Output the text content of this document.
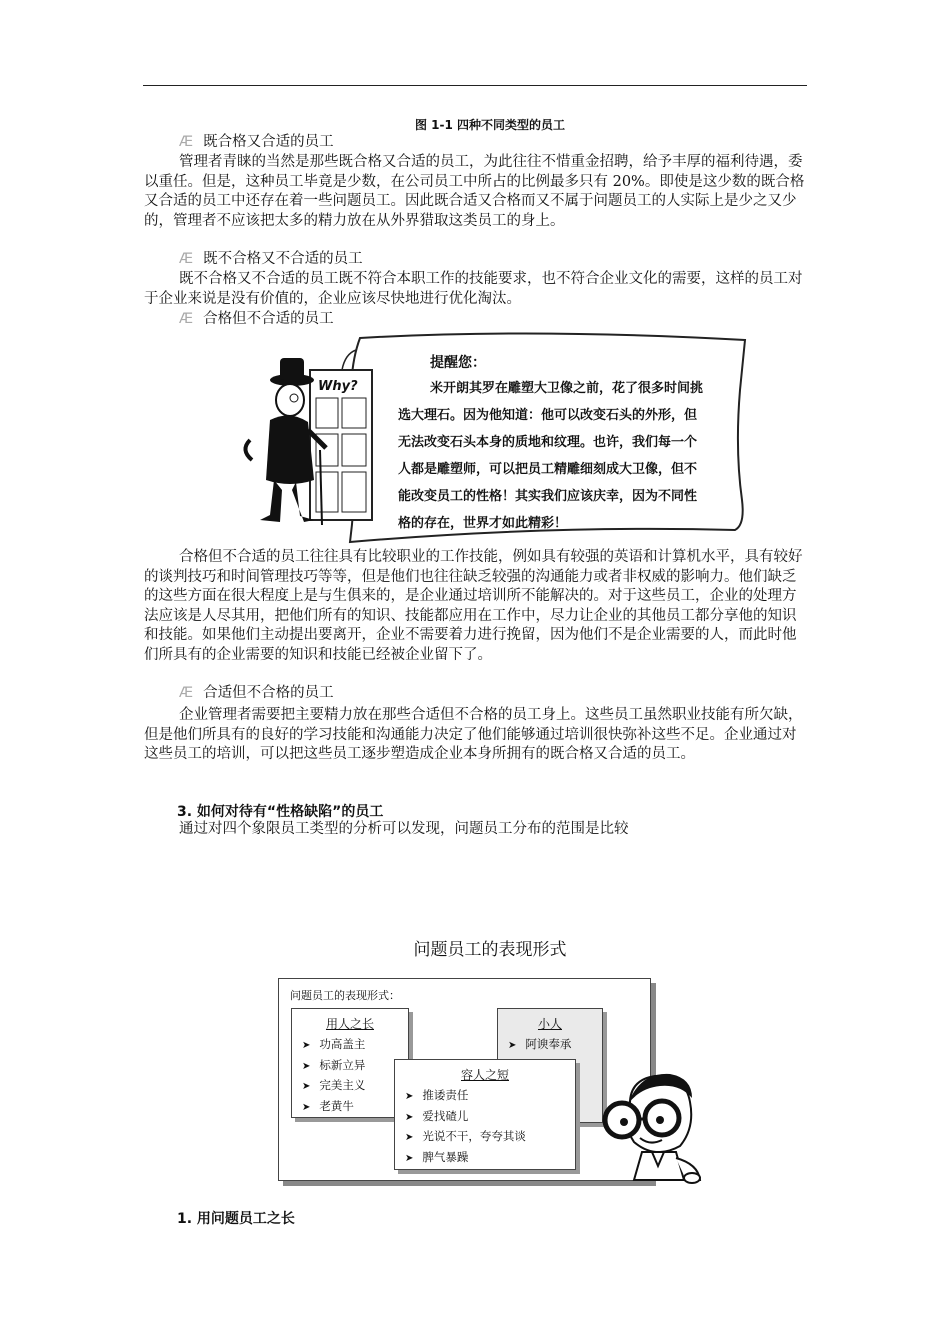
图 1-1 四种不同类型的员工
Æ 既合格又合适的员工
管理者青睐的当然是那些既合格又合适的员工，为此往往不惜重金招聘，给予丰厚的福利待遇，委以重任。但是，这种员工毕竟是少数，在公司员工中所占的比例最多只有 20%。即使是这少数的既合格又合适的员工中还存在着一些问题员工。因此既合适又合格而又不属于问题员工的人实际上是少之又少的，管理者不应该把太多的精力放在从外界猎取这类员工的身上。
Æ 既不合格又不合适的员工
既不合格又不合适的员工既不符合本职工作的技能要求，也不符合企业文化的需要，这样的员工对于企业来说是没有价值的，企业应该尽快地进行优化淘汰。
Æ 合格但不合适的员工
Why?
提醒您：

米开朗其罗在雕塑大卫像之前，花了很多时间挑选大理石。因为他知道：他可以改变石头的外形，但无法改变石头本身的质地和纹理。也许，我们每一个人都是雕塑师，可以把员工精雕细刻成大卫像，但不能改变员工的性格！其实我们应该庆幸，因为不同性格的存在，世界才如此精彩！

合格但不合适的员工往往具有比较职业的工作技能，例如具有较强的英语和计算机水平，具有较好的谈判技巧和时间管理技巧等等，但是他们也往往缺乏较强的沟通能力或者非权威的影响力。他们缺乏的这些方面在很大程度上是与生俱来的，是企业通过培训所不能解决的。对于这些员工，企业的处理方法应该是人尽其用，把他们所有的知识、技能都应用在工作中，尽力让企业的其他员工都分享他的知识和技能。如果他们主动提出要离开，企业不需要着力进行挽留，因为他们不是企业需要的人，而此时他们所具有的企业需要的知识和技能已经被企业留下了。
Æ 合适但不合格的员工
企业管理者需要把主要精力放在那些合适但不合格的员工身上。这些员工虽然职业技能有所欠缺，但是他们所具有的良好的学习技能和沟通能力决定了他们能够通过培训很快弥补这些不足。企业通过对这些员工的培训，可以把这些员工逐步塑造成企业本身所拥有的既合格又合适的员工。
3. 如何对待有“性格缺陷”的员工
通过对四个象限员工类型的分析可以发现，问题员工分布的范围是比较
问题员工的表现形式
问题员工的表现形式：
用人之长
➤ 功高盖主
➤ 标新立异
➤ 完美主义
➤ 老黄牛
小人
➤ 阿谀奉承
容人之短
➤ 推诿责任
➤ 爱找碴儿
➤ 光说不干，夸夸其谈
➤ 脾气暴躁
1. 用问题员工之长
